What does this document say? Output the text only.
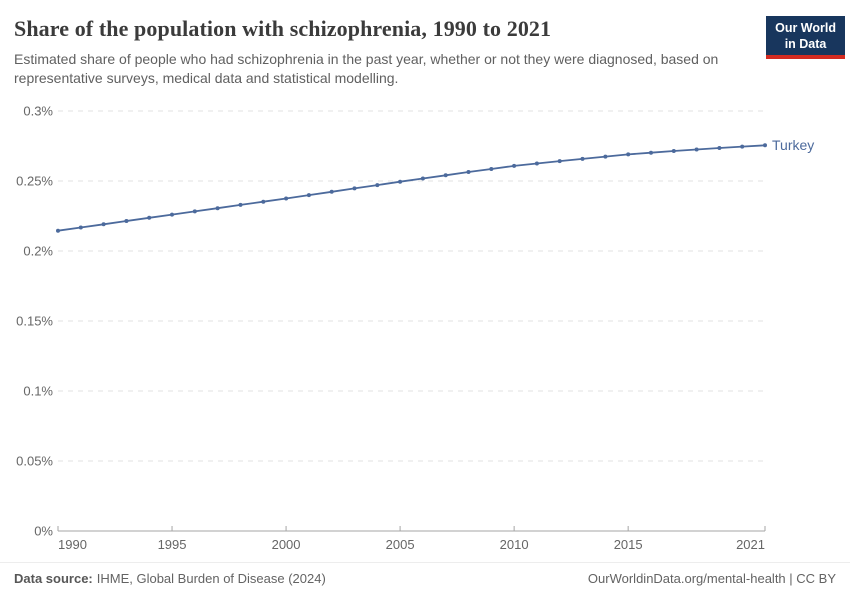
Share of the population with schizophrenia, 1990 to 2021

Estimated share of people who had schizophrenia in the past year, whether or not they were diagnosed, based on representative surveys, medical data and statistical modelling.

Our World
in Data
0%
0.05%
0.1%
0.15%
0.2%
0.25%
0.3%
1990	1995	2000	2005	2010	2015	2021
Turkey
Data source: IHME, Global Burden of Disease (2024)	OurWorldinData.org/mental-health | CC BY
